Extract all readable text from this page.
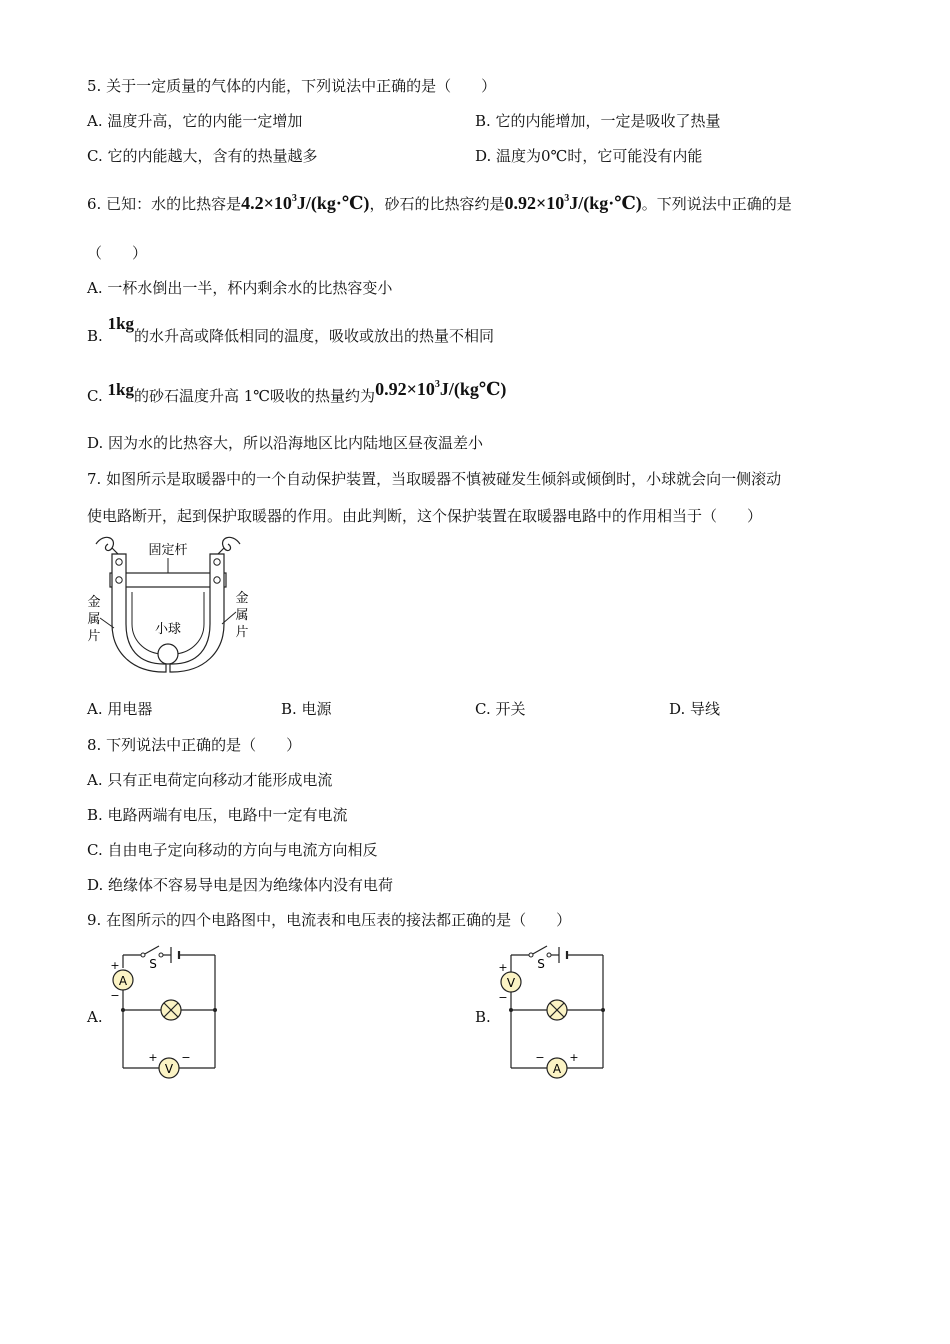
5. 关于一定质量的气体的内能，下列说法中正确的是（　　）
A. 温度升高，它的内能一定增加	B. 它的内能增加，一定是吸收了热量
C. 它的内能越大，含有的热量越多	D. 温度为0℃时，它可能没有内能
6. 已知：水的比热容是$4.2\times 10^3J/(kg\cdot℃)$，砂石的比热容约是$0.92\times 10^3J/(kg\cdot℃)$。下列说法中正确的是
（　　）
A. 一杯水倒出一半，杯内剩余水的比热容变小
B. 1kg的水升高或降低相同的温度，吸收或放出的热量不相同
C. 1kg的砂石温度升高 1℃吸收的热量约为$0.92\times 10^3J/(kg℃)$
D. 因为水的比热容大，所以沿海地区比内陆地区昼夜温差小
7. 如图所示是取暖器中的一个自动保护装置，当取暖器不慎被碰发生倾斜或倾倒时，小球就会向一侧滚动
使电路断开，起到保护取暖器的作用。由此判断，这个保护装置在取暖器电路中的作用相当于（　　）
固定杆
小球
金
属
片
金
属
片
A. 用电器	B. 电源	C. 开关	D. 导线
8. 下列说法中正确的是（　　）
A. 只有正电荷定向移动才能形成电流
B. 电路两端有电压，电路中一定有电流
C. 自由电子定向移动的方向与电流方向相反
D. 绝缘体不容易导电是因为绝缘体内没有电荷
9. 在图所示的四个电路图中，电流表和电压表的接法都正确的是（　　）
A.
A
+
−
V
+ −
S
B.
V
+
−
A
− +
S
